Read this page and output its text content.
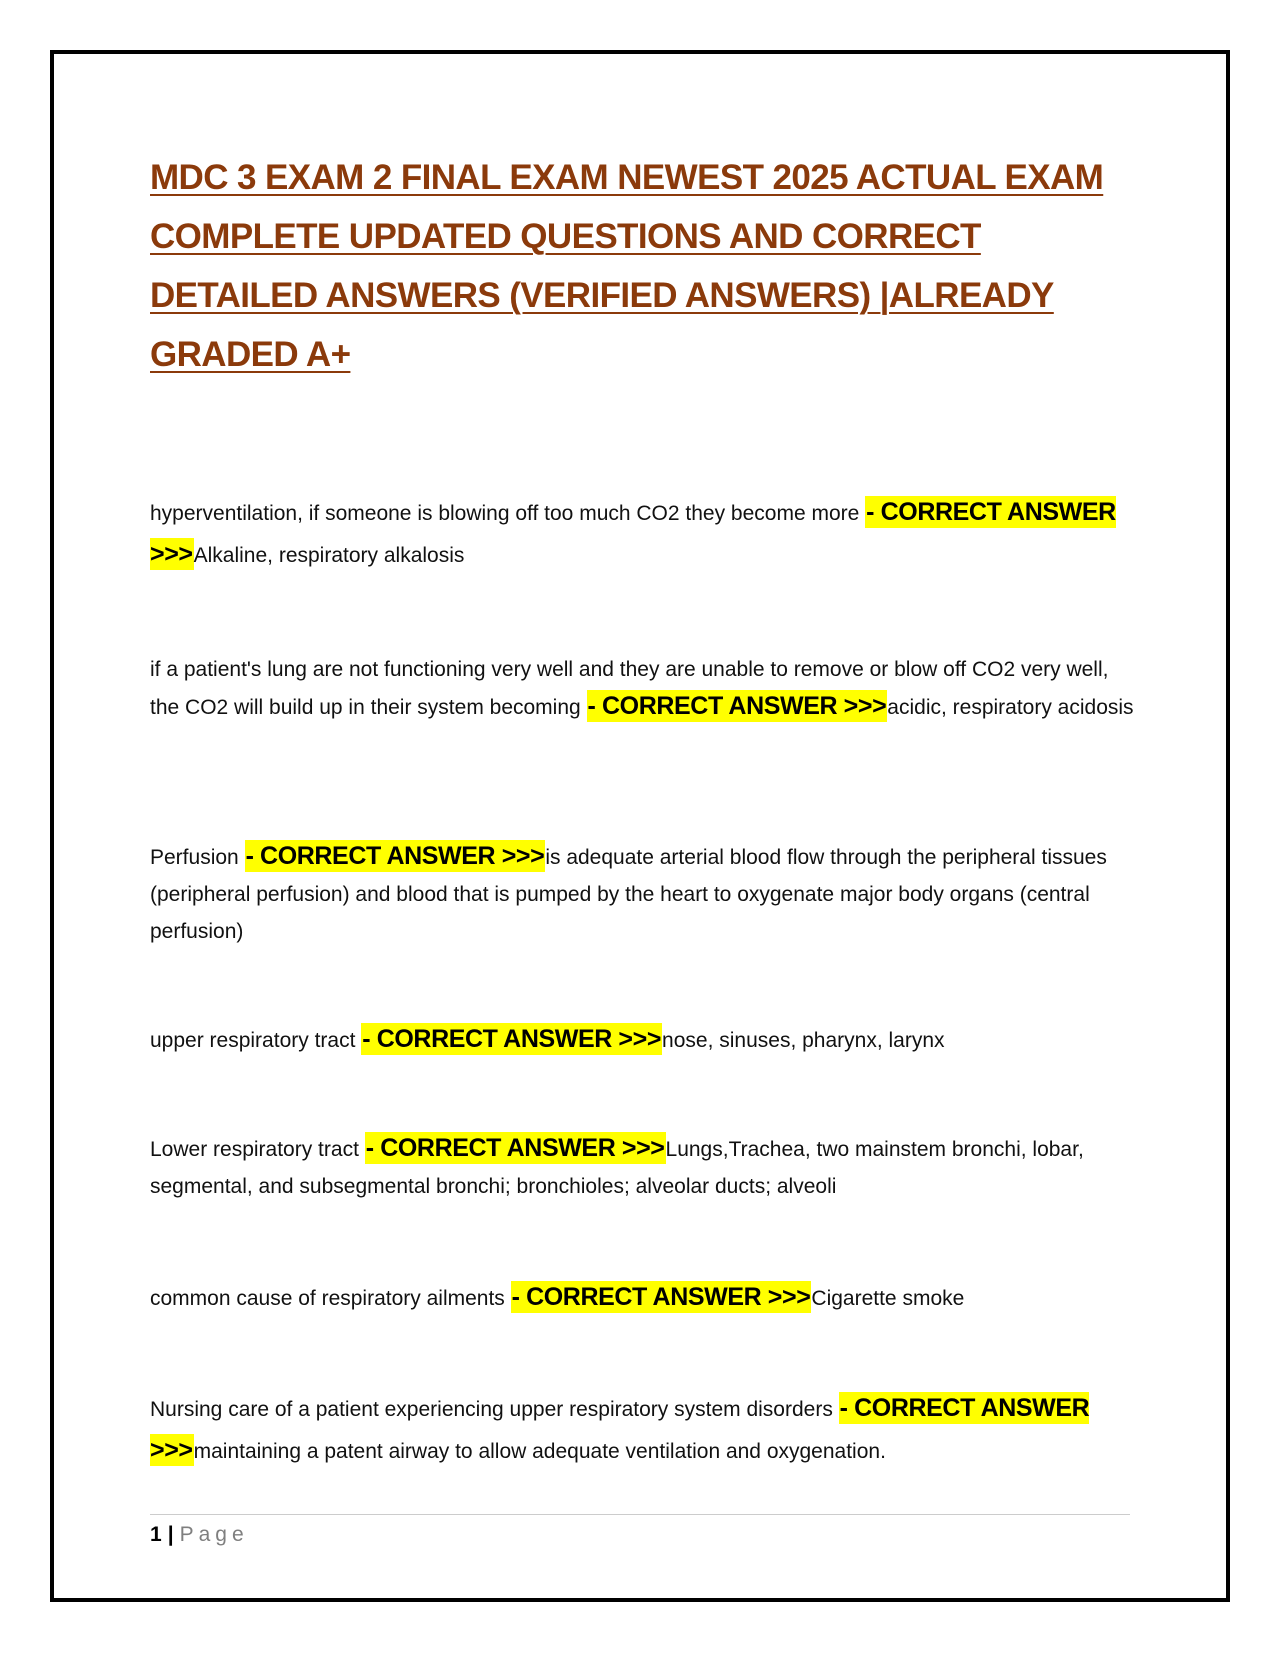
MDC 3 EXAM 2 FINAL EXAM NEWEST 2025 ACTUAL EXAM COMPLETE UPDATED QUESTIONS AND CORRECT DETAILED ANSWERS (VERIFIED ANSWERS) |ALREADY GRADED A+

hyperventilation, if someone is blowing off too much CO2 they become more - CORRECT ANSWER >>>Alkaline, respiratory alkalosis

if a patient's lung are not functioning very well and they are unable to remove or blow off CO2 very well, the CO2 will build up in their system becoming - CORRECT ANSWER >>>acidic, respiratory acidosis

Perfusion - CORRECT ANSWER >>>is adequate arterial blood flow through the peripheral tissues (peripheral perfusion) and blood that is pumped by the heart to oxygenate major body organs (central perfusion)

upper respiratory tract - CORRECT ANSWER >>>nose, sinuses, pharynx, larynx

Lower respiratory tract - CORRECT ANSWER >>>Lungs,Trachea, two mainstem bronchi, lobar, segmental, and subsegmental bronchi; bronchioles; alveolar ducts; alveoli

common cause of respiratory ailments - CORRECT ANSWER >>>Cigarette smoke

Nursing care of a patient experiencing upper respiratory system disorders - CORRECT ANSWER >>>maintaining a patent airway to allow adequate ventilation and oxygenation.

1 | Page
